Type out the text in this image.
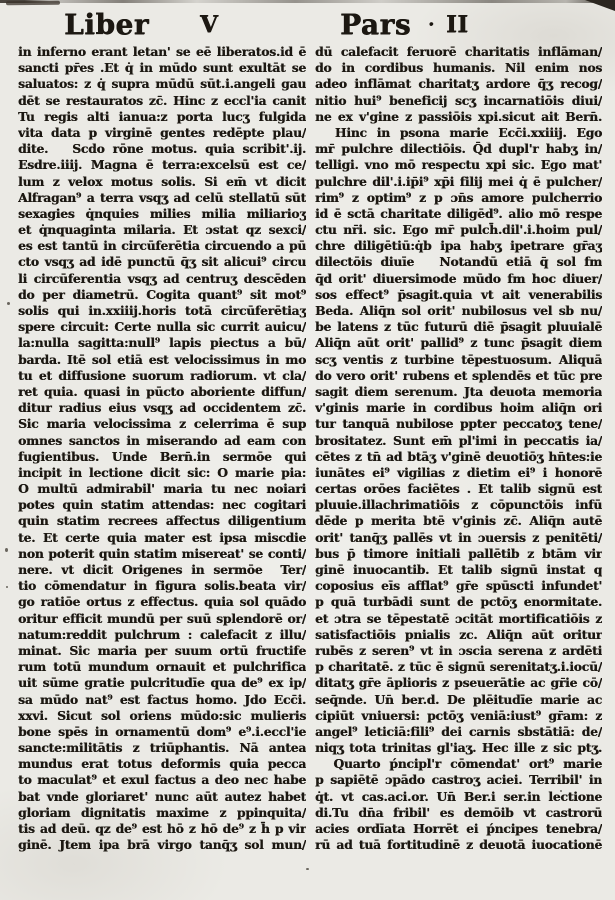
Liber V	Pars · II
in inferno erant letan' se eē liberatos.id ē
sancti pr̄es .Et q̇ in mūdo sunt exultāt se
saluatos: z q̇ supra mūdū sūt.i.angeli gau
dēt se restauratos zc̄. Hinc z eccl'ia canit
Tu regis alti ianua:z porta lucʒ fulgida
vita data p virginē gentes redēpte plau/
dite.   Scdo rōne motus. quia scribit'.ij.
Esdre.iiij. Magna ē terra:excelsū est ce/
lum z velox motus solis. Si em̄ vt dicit
Alfragan⁹ a terra vsqʒ ad celū stellatū sūt
sexagies q̇nquies milies milia miliarioʒ
et q̇nquaginta milaria. Et ɔstat qz sexci/
es est tantū in circūferētia circuendo a pū
cto vsqʒ ad idē punctū q̄ʒ sit alicui⁹ circu
li circūferentia vsqʒ ad centruʒ descēden
do per diametrū. Cogita quant⁹ sit mot⁹
solis qui in.xxiiij.horis totā circūferētiaʒ
spere circuit: Certe nulla sic currit auicu/
la:nulla sagitta:null⁹ lapis piectus a bū/
barda. Itē sol etiā est velocissimus in mo
tu et diffusione suorum radiorum. vt cla/
ret quia. quasi in pūcto aboriente diffun/
ditur radius eius vsqʒ ad occidentem zc̄.
Sic maria velocissima z celerrima ē sup
omnes sanctos in miserando ad eam con
fugientibus. Unde Bern̄.in sermōe qui
incipit in lectione dicit sic: O marie pia:
O multū admirabil' maria tu nec noiari
potes quin statim attendas: nec cogitari
quin statim recrees affectus diligentium
te. Et certe quia mater est ipsa miscdie
non poterit quin statim misereat' se conti/
nere. vt dicit Origenes in sermōe  Ter/
tio cōmendatur in figura solis.beata vir/
go ratiōe ortus z effectus. quia sol quādo
oritur efficit mundū per suū splendorē or/
natum:reddit pulchrum : calefacit z illu/
minat. Sic maria per suum ortū fructife
rum totū mundum ornauit et pulchrifica
uit sūme gratie pulcritudīe qua de⁹ ex ip/
sa mūdo nat⁹ est factus homo. Jdo Ecc̄i.
xxvi. Sicut sol oriens mūdo:sic mulieris
bone spēs in ornamentū dom⁹ e⁹.i.eccl'ie
sancte:militātis z triūphantis. Nā antea
mundus erat totus deformis quia pecca
to maculat⁹ et exul factus a deo nec habe
bat vnde gloriaret' nunc aūt autez habet
gloriam dignitatis maxime z ppinquita/
tis ad deū. qz de⁹ est hō z hō de⁹ z h̄ p vir
ginē. Jtem ipa brā virgo tanq̄ʒ sol mun/
dū calefacit feruorē charitatis inflāman/
do in cordibus humanis. Nil enim nos
adeo inflāmat charitatʒ ardore q̄ʒ recog/
nitio hui⁹ beneficij scʒ incarnatiōis diui/
ne ex v'gine z passiōis xpi.sicut ait Bern̄.
Hinc in psona marie Ecc̄i.xxiiij. Ego
mr̄ pulchre dilectiōis. Q̄d dupl'r habʒ in/
telligi. vno mō respectu xpi sic. Ego mat'
pulchre dil'.i.ip̄i⁹ xp̄i filij mei q̇ ē pulcher/
rim⁹ z optim⁹ z p ɔn̄s amore pulcherrio
id ē sctā charitate diligēd⁹. alio mō respe
ctu nr̄i. sic. Ego mr̄ pulch̄.dil'.i.hoim pul/
chre diligētiū:q̇b ipa habʒ ipetrare gr̄aʒ
dilectōis diuīe   Notandū etiā q̄ sol fm
q̄d orit' diuersimode mūdo fm hoc diuer/
sos effect⁹ p̄sagit.quia vt ait venerabilis
Beda. Aliq̄n sol orit' nubilosus vel sb nu/
be latens z tūc futurū diē p̄sagit pluuialē
Aliq̄n aūt orit' pallid⁹ z tunc p̄sagit diem
scʒ ventis z turbine tēpestuosum. Aliquā
do vero orit' rubens et splendēs et tūc pre
sagit diem serenum. Jta deuota memoria
v'ginis marie in cordibus hoim aliq̄n ori
tur tanquā nubilose ppter peccatoʒ tene/
brositatez. Sunt em̄ pl'imi in peccatis ia/
cētes z tn̄ ad btāʒ v'ginē deuotiōʒ hn̄tes:ie
iunātes ei⁹ vigilias z dietim ei⁹ i honorē
certas orōes faciētes . Et talib signū est
pluuie.illachrimatiōis z cōpunctōis infū
dēde p merita btē v'ginis zc̄. Aliq̄n autē
orit' tanq̄ʒ pallēs vt in ɔuersis z penitēti/
bus p̄ timore initiali pallētib z btām vir
ginē inuocantib. Et talib signū instat q
coposius eīs afflat⁹ gr̄e spūscti infundet'
p quā turbādi sunt de pctōʒ enormitate.
et ɔtra se tēpestatē ɔcitāt mortificatiōis z
satisfactiōis pnialis zc. Aliq̄n aūt oritur
rubēs z seren⁹ vt in ɔscia serena z ardēti
p charitatē. z tūc ē signū serenitatʒ.i.iocū/
ditatʒ gr̄e āplioris z pseuerātie ac gr̄ie cō/
seq̄nde. Un̄ ber.d. De plēitudīe marie ac
cipiūt vniuersi: pctōʒ veniā:iust⁹ gr̄am: z
angel⁹ leticiā:fili⁹ dei carnis sbstātiā: de/
niqʒ tota trinitas gl'iaʒ. Hec ille z sic ptʒ.
Quarto ṕncipl'r cōmendat' ort⁹ marie
p sapiētē ɔpādo castroʒ aciei. Terribil' in
q̇t. vt cas.aci.or. Un̄ Ber.i ser.in lectione
di.Tu dn̄a fribil' es demōib vt castrorū
acies ordīata Horrēt ei ṕncipes tenebra/
rū ad tuā fortitudinē z deuotā iuocationē
